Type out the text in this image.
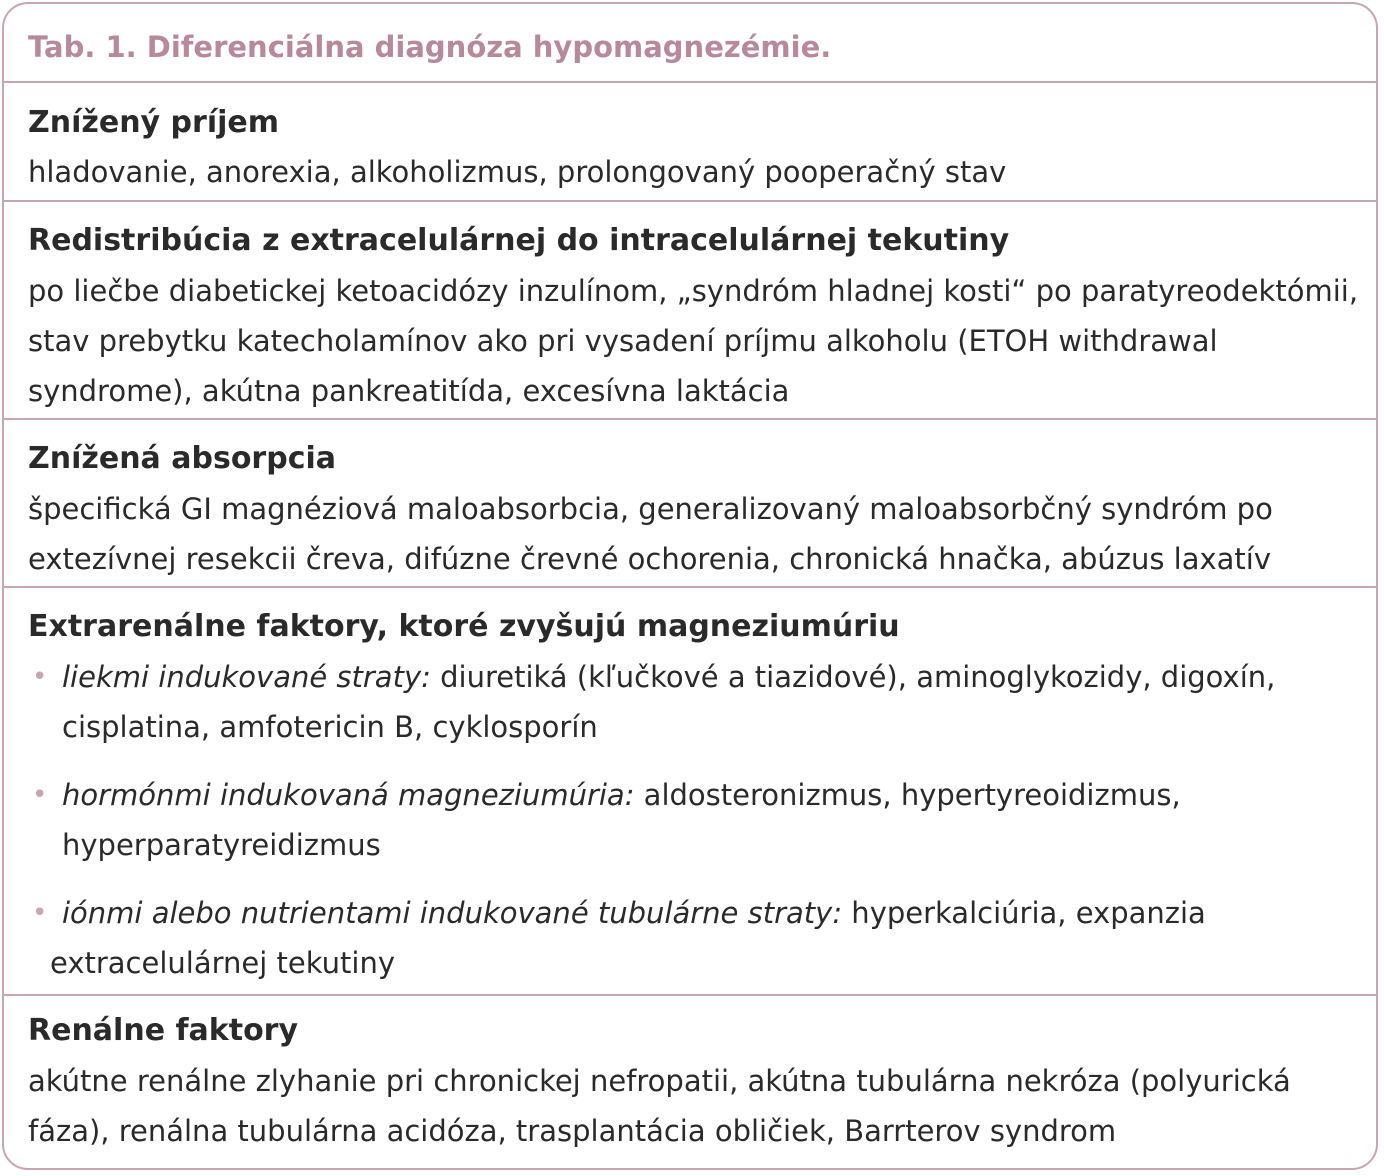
Tab. 1. Diferenciálna diagnóza hypomagnezémie.
Znížený príjem
hladovanie, anorexia, alkoholizmus, prolongovaný pooperačný stav
Redistribúcia z extracelulárnej do intracelulárnej tekutiny
po liečbe diabetickej ketoacidózy inzulínom, „syndróm hladnej kosti“ po paratyreodektómii,
stav prebytku katecholamínov ako pri vysadení príjmu alkoholu (ETOH withdrawal
syndrome), akútna pankreatitída, excesívna laktácia
Znížená absorpcia
špecifická GI magnéziová maloabsorbcia, generalizovaný maloabsorbčný syndróm po
extezívnej resekcii čreva, difúzne črevné ochorenia, chronická hnačka, abúzus laxatív
Extrarenálne faktory, ktoré zvyšujú magneziumúriu
• liekmi indukované straty: diuretiká (kľučkové a tiazidové), aminoglykozidy, digoxín,
cisplatina, amfotericin B, cyklosporín
• hormónmi indukovaná magneziumúria: aldosteronizmus, hypertyreoidizmus,
hyperparatyreidizmus
• iónmi alebo nutrientami indukované tubulárne straty: hyperkalciúria, expanzia
extracelulárnej tekutiny
Renálne faktory
akútne renálne zlyhanie pri chronickej nefropatii, akútna tubulárna nekróza (polyurická
fáza), renálna tubulárna acidóza, trasplantácia obličiek, Barrterov syndrom
